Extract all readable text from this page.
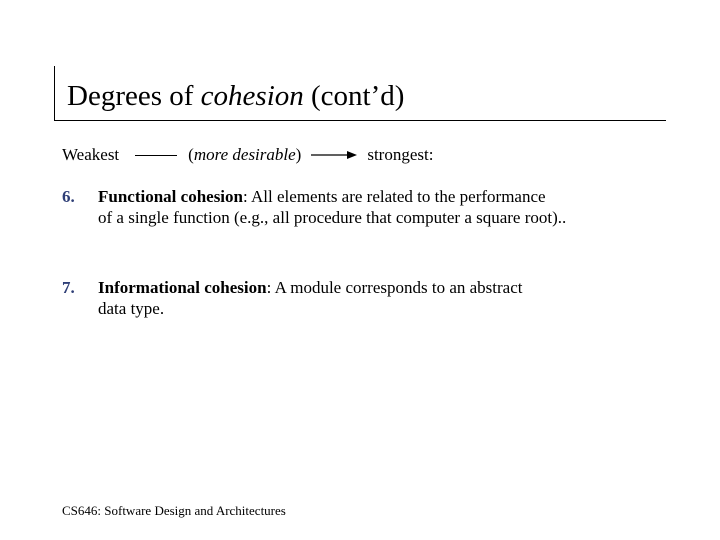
Degrees of cohesion (cont’d)
Weakest	(more desirable)	strongest:
6. Functional cohesion: All elements are related to the performance
of a single function (e.g., all procedure that computer a square root)..
7. Informational cohesion: A module corresponds to an abstract
data type.
CS646: Software Design and Architectures
